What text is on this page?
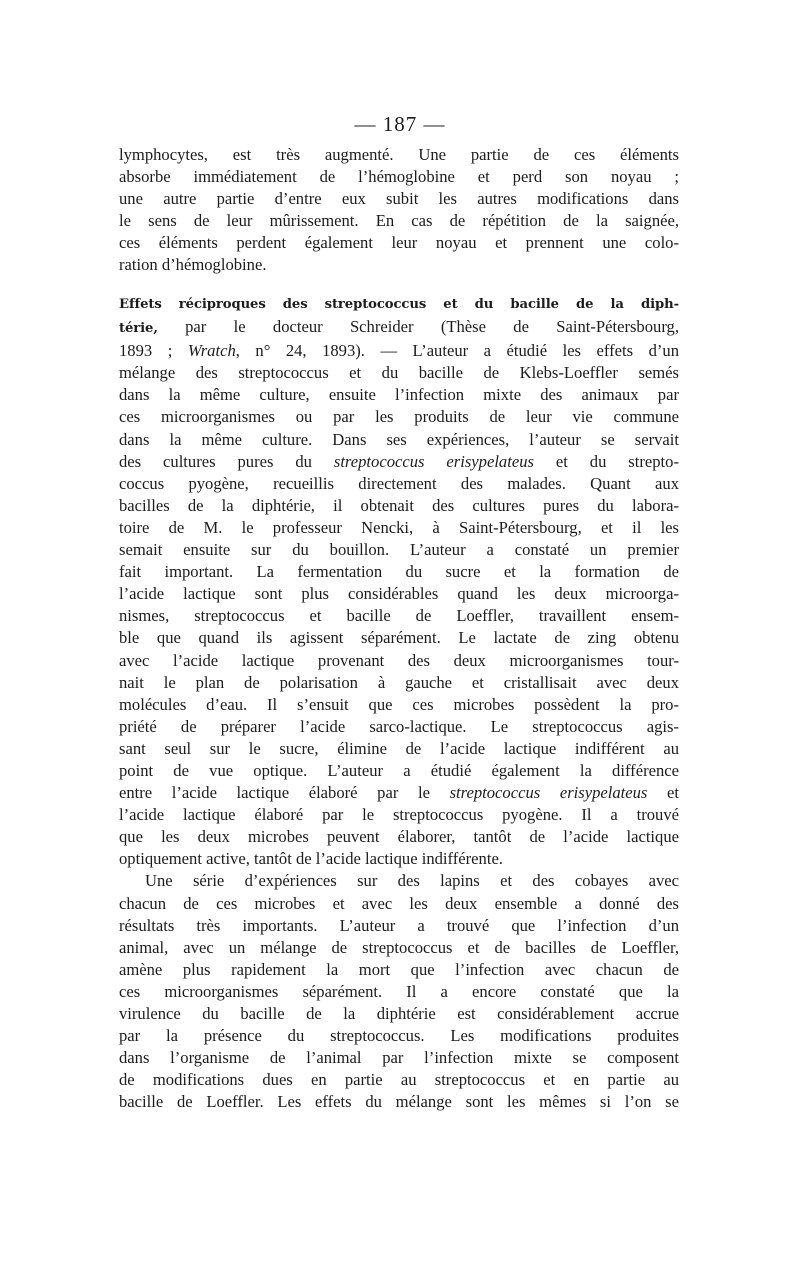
— 187 —
lymphocytes, est très augmenté. Une partie de ces éléments
absorbe immédiatement de l’hémoglobine et perd son noyau ;
une autre partie d’entre eux subit les autres modifications dans
le sens de leur mûrissement. En cas de répétition de la saignée,
ces éléments perdent également leur noyau et prennent une colo-
ration d’hémoglobine.
Effets réciproques des streptococcus et du bacille de la diph-
térie, par le docteur Schreider (Thèse de Saint-Pétersbourg,
1893 ; Wratch, n° 24, 1893). — L’auteur a étudié les effets d’un
mélange des streptococcus et du bacille de Klebs-Loeffler semés
dans la même culture, ensuite l’infection mixte des animaux par
ces microorganismes ou par les produits de leur vie commune
dans la même culture. Dans ses expériences, l’auteur se servait
des cultures pures du streptococcus erisypelateus et du strepto-
coccus pyogène, recueillis directement des malades. Quant aux
bacilles de la diphtérie, il obtenait des cultures pures du labora-
toire de M. le professeur Nencki, à Saint-Pétersbourg, et il les
semait ensuite sur du bouillon. L’auteur a constaté un premier
fait important. La fermentation du sucre et la formation de
l’acide lactique sont plus considérables quand les deux microorga-
nismes, streptococcus et bacille de Loeffler, travaillent ensem-
ble que quand ils agissent séparément. Le lactate de zing obtenu
avec l’acide lactique provenant des deux microorganismes tour-
nait le plan de polarisation à gauche et cristallisait avec deux
molécules d’eau. Il s’ensuit que ces microbes possèdent la pro-
priété de préparer l’acide sarco-lactique. Le streptococcus agis-
sant seul sur le sucre, élimine de l’acide lactique indifférent au
point de vue optique. L’auteur a étudié également la différence
entre l’acide lactique élaboré par le streptococcus erisypelateus et
l’acide lactique élaboré par le streptococcus pyogène. Il a trouvé
que les deux microbes peuvent élaborer, tantôt de l’acide lactique
optiquement active, tantôt de l’acide lactique indifférente.
Une série d’expériences sur des lapins et des cobayes avec
chacun de ces microbes et avec les deux ensemble a donné des
résultats très importants. L’auteur a trouvé que l’infection d’un
animal, avec un mélange de streptococcus et de bacilles de Loeffler,
amène plus rapidement la mort que l’infection avec chacun de
ces microorganismes séparément. Il a encore constaté que la
virulence du bacille de la diphtérie est considérablement accrue
par la présence du streptococcus. Les modifications produites
dans l’organisme de l’animal par l’infection mixte se composent
de modifications dues en partie au streptococcus et en partie au
bacille de Loeffler. Les effets du mélange sont les mêmes si l’on se
